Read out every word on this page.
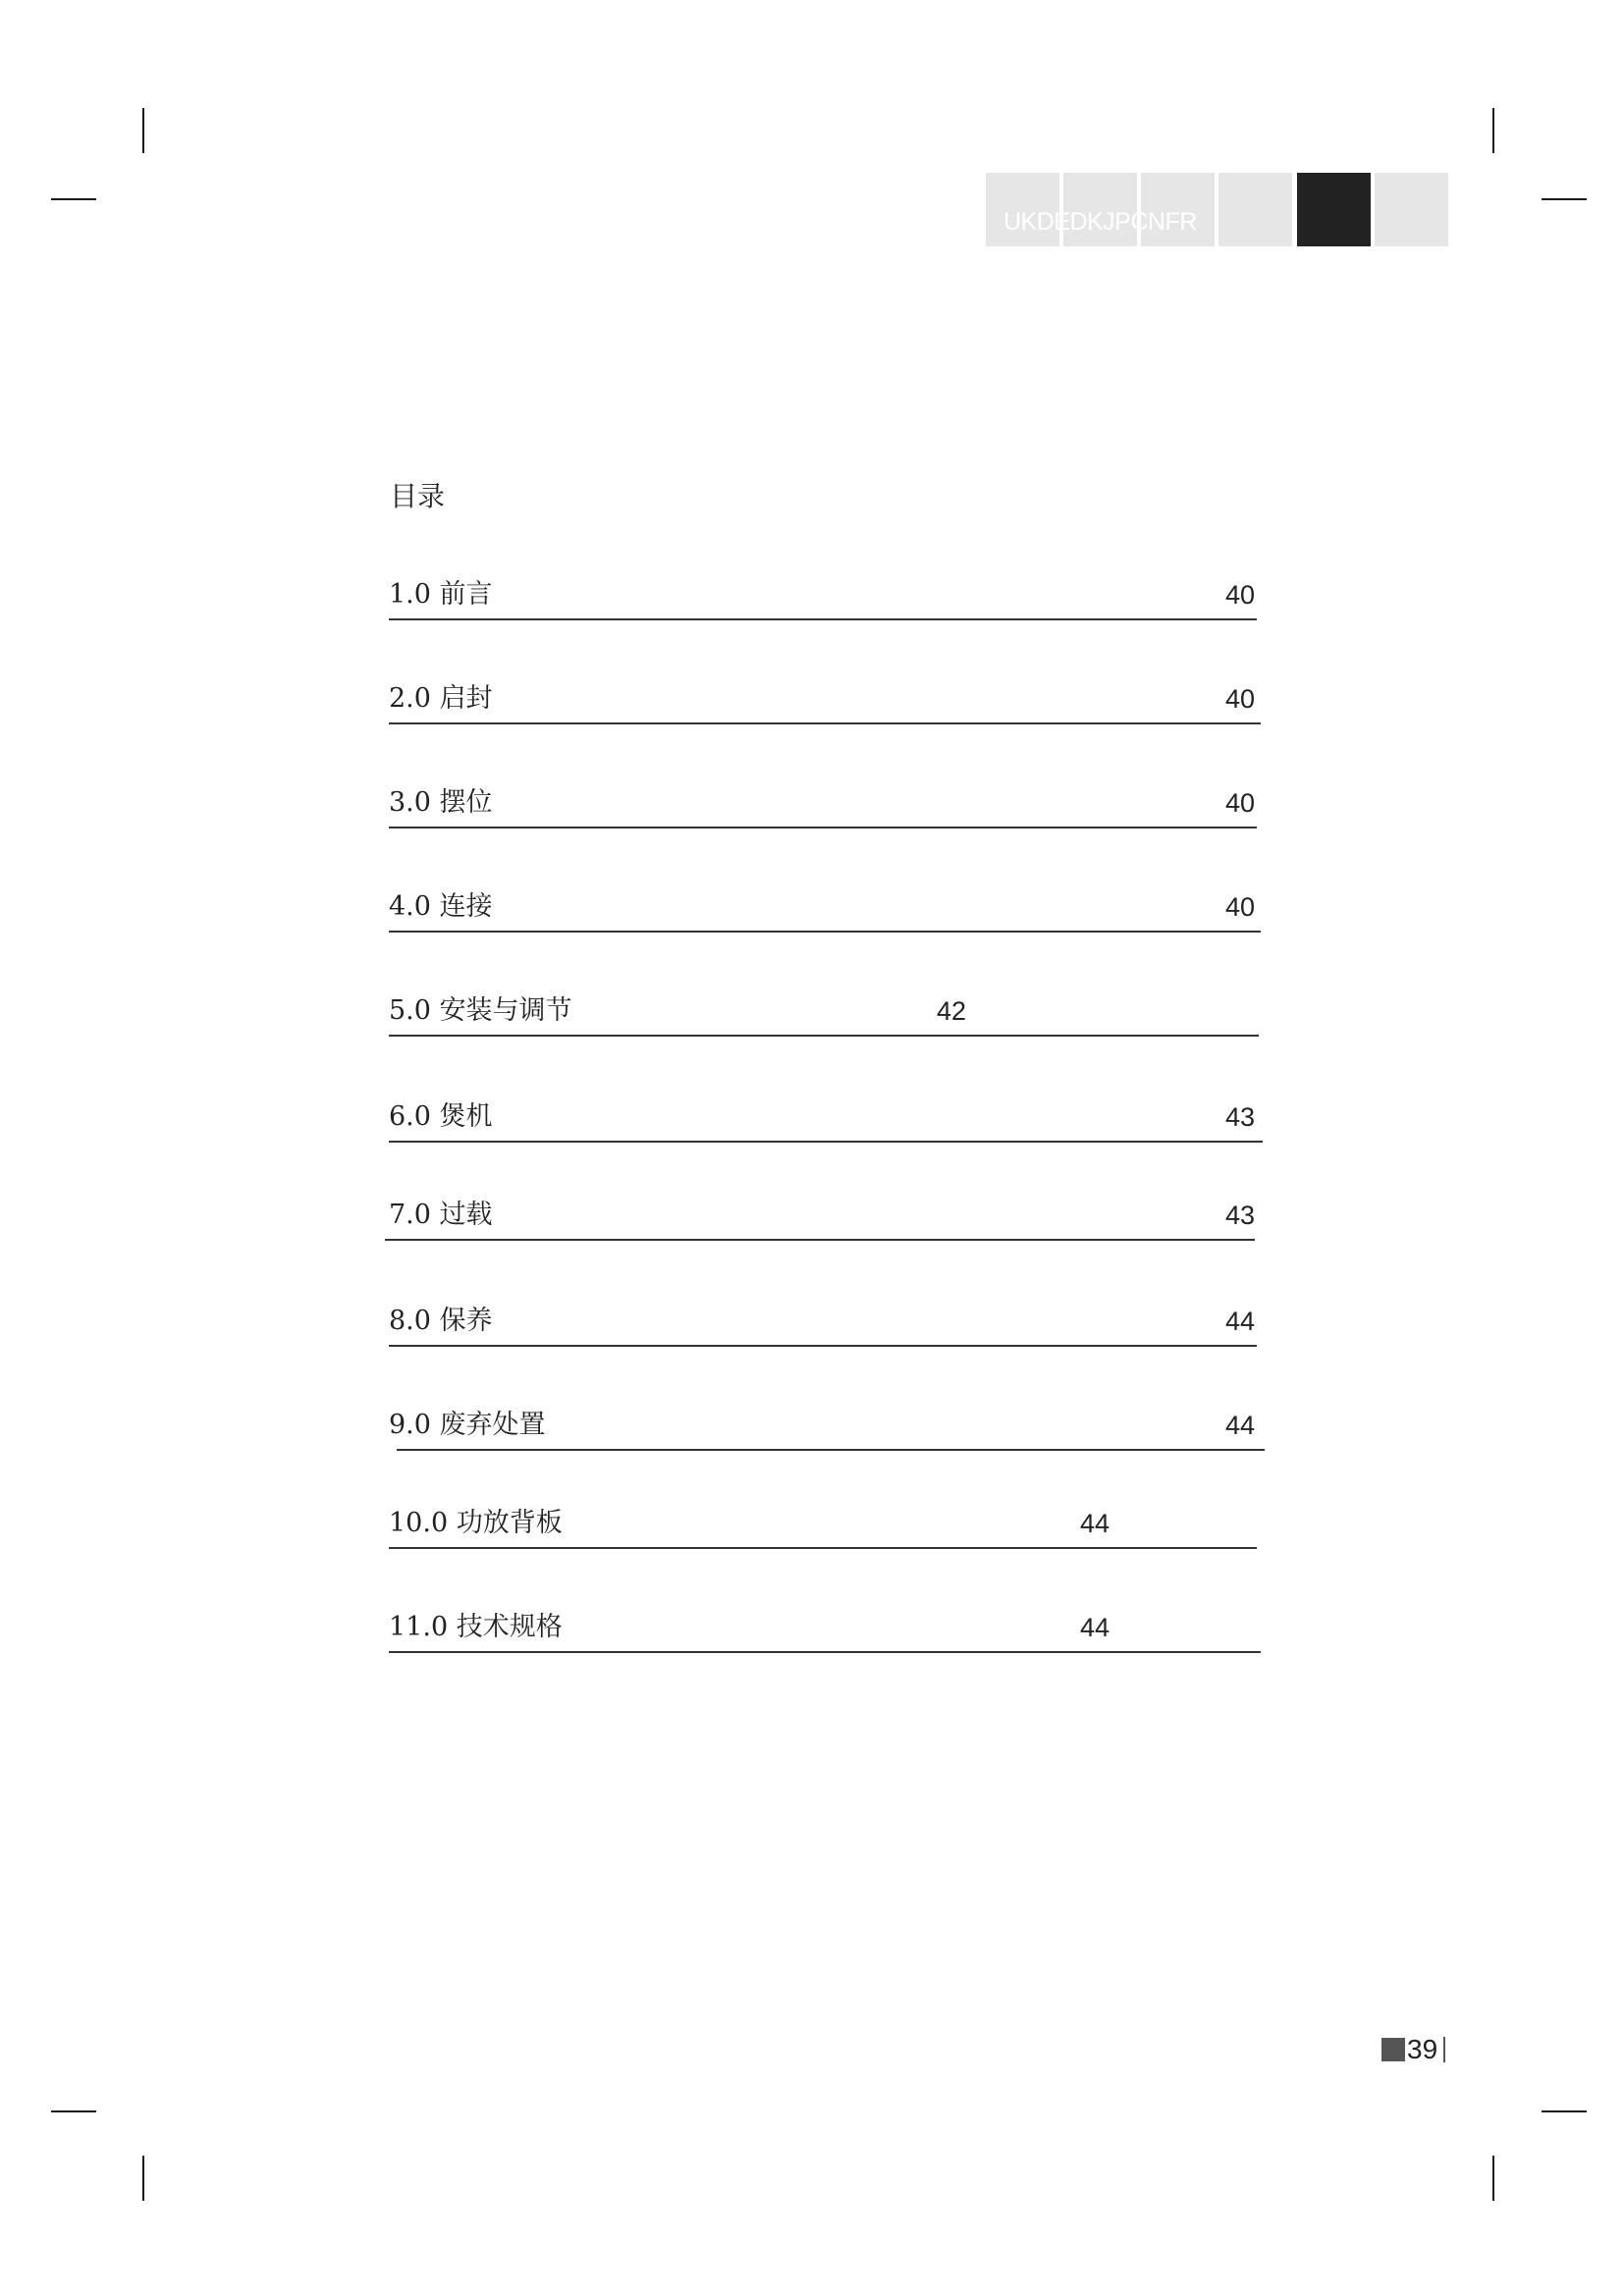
UKDEDKJPCNFR
目录
1.0 前言	40
2.0 启封	40
3.0 摆位	40
4.0 连接	40
5.0 安装与调节	42
6.0 煲机	43
7.0 过载	43
8.0 保养	44
9.0 废弃处置	44
10.0 功放背板	44
11.0 技术规格	44
39
